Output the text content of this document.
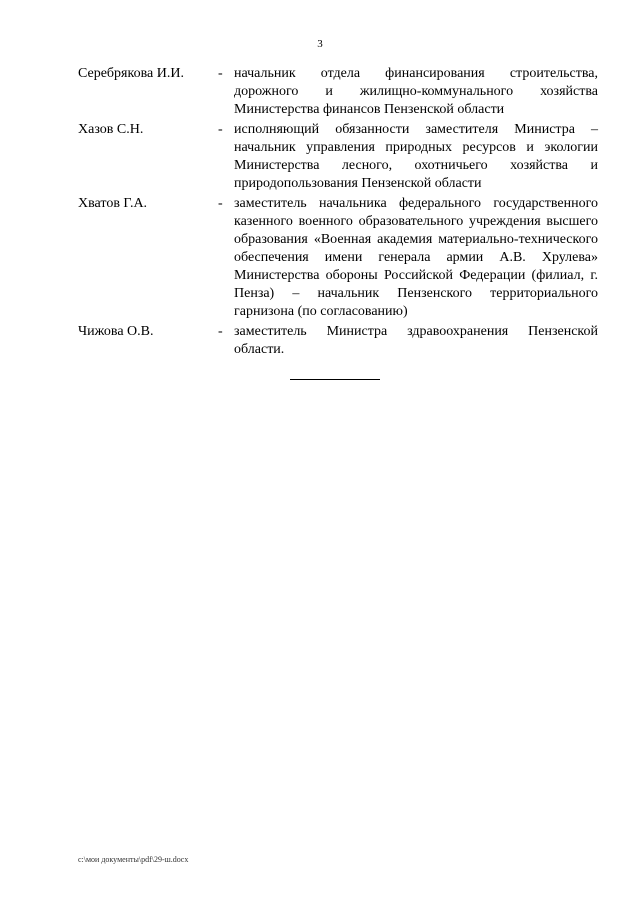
3
Серебрякова И.И.	- начальник отдела финансирования строительства, дорожного и жилищно-коммунального хозяйства Министерства финансов Пензенской области
Хазов С.Н.	- исполняющий обязанности заместителя Министра – начальник управления природных ресурсов и экологии Министерства лесного, охотничьего хозяйства и природопользования Пензенской области
Хватов Г.А.	- заместитель начальника федерального государственного казенного военного образовательного учреждения высшего образования «Военная академия материально-технического обеспечения имени генерала армии А.В. Хрулева» Министерства обороны Российской Федерации (филиал, г. Пенза) – начальник Пензенского территориального гарнизона (по согласованию)
Чижова О.В.	- заместитель Министра здравоохранения Пензенской области.
c:\мои документы\pdf\29-ш.docx
